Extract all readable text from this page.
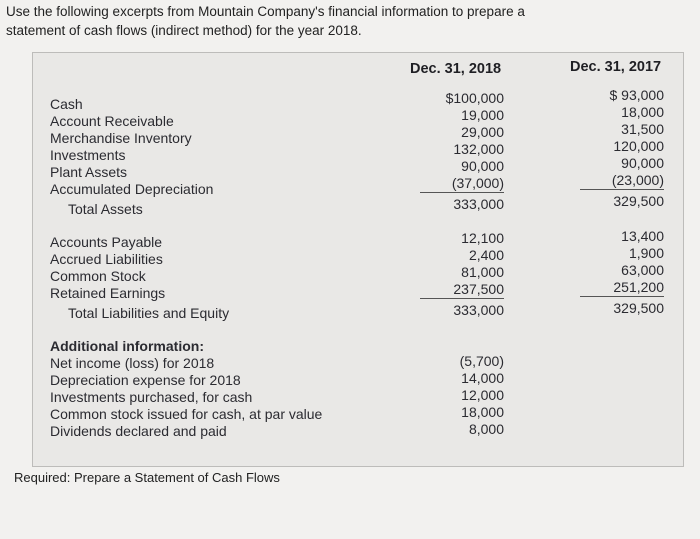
Use the following excerpts from Mountain Company's financial information to prepare a statement of cash flows (indirect method) for the year 2018.
Dec. 31, 2018	Dec. 31, 2017
Cash
Account Receivable
Merchandise Inventory
Investments
Plant Assets
Accumulated Depreciation
Total Assets
$100,000
19,000
29,000
132,000
90,000
(37,000)
333,000
$ 93,000
18,000
31,500
120,000
90,000
(23,000)
329,500
Accounts Payable
Accrued Liabilities
Common Stock
Retained Earnings
Total Liabilities and Equity
12,100
2,400
81,000
237,500
333,000
13,400
1,900
63,000
251,200
329,500
Additional information:
Net income (loss) for 2018
Depreciation expense for 2018
Investments purchased, for cash
Common stock issued for cash, at par value
Dividends declared and paid
(5,700)
14,000
12,000
18,000
8,000
Required: Prepare a Statement of Cash Flows
